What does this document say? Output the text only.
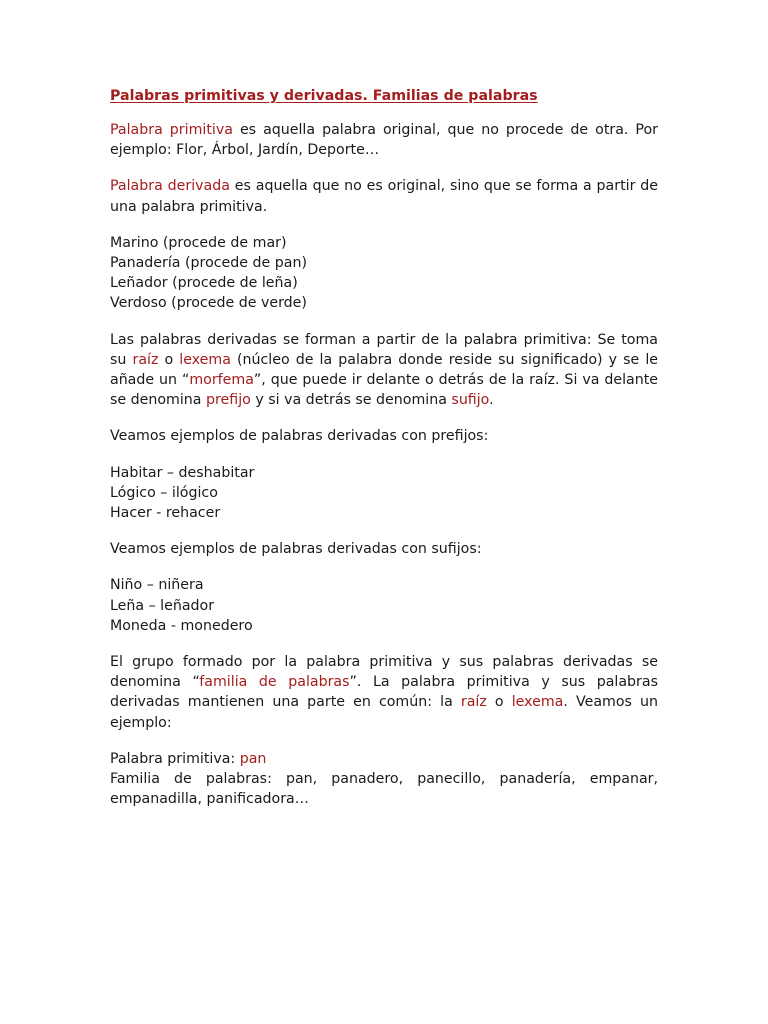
Palabras primitivas y derivadas. Familias de palabras

Palabra primitiva es aquella palabra original, que no procede de otra. Por ejemplo: Flor, Árbol, Jardín, Deporte…

Palabra derivada es aquella que no es original, sino que se forma a partir de una palabra primitiva.

Marino (procede de mar)
Panadería (procede de pan)
Leñador (procede de leña)
Verdoso (procede de verde)

Las palabras derivadas se forman a partir de la palabra primitiva: Se toma su raíz o lexema (núcleo de la palabra donde reside su significado) y se le añade un “morfema”, que puede ir delante o detrás de la raíz. Si va delante se denomina prefijo y si va detrás se denomina sufijo.

Veamos ejemplos de palabras derivadas con prefijos:

Habitar – deshabitar
Lógico – ilógico
Hacer - rehacer

Veamos ejemplos de palabras derivadas con sufijos:

Niño – niñera
Leña – leñador
Moneda - monedero

El grupo formado por la palabra primitiva y sus palabras derivadas se denomina “familia de palabras”. La palabra primitiva y sus palabras derivadas mantienen una parte en común: la raíz o lexema. Veamos un ejemplo:

Palabra primitiva: pan
Familia de palabras: pan, panadero, panecillo, panadería, empanar, empanadilla, panificadora…
